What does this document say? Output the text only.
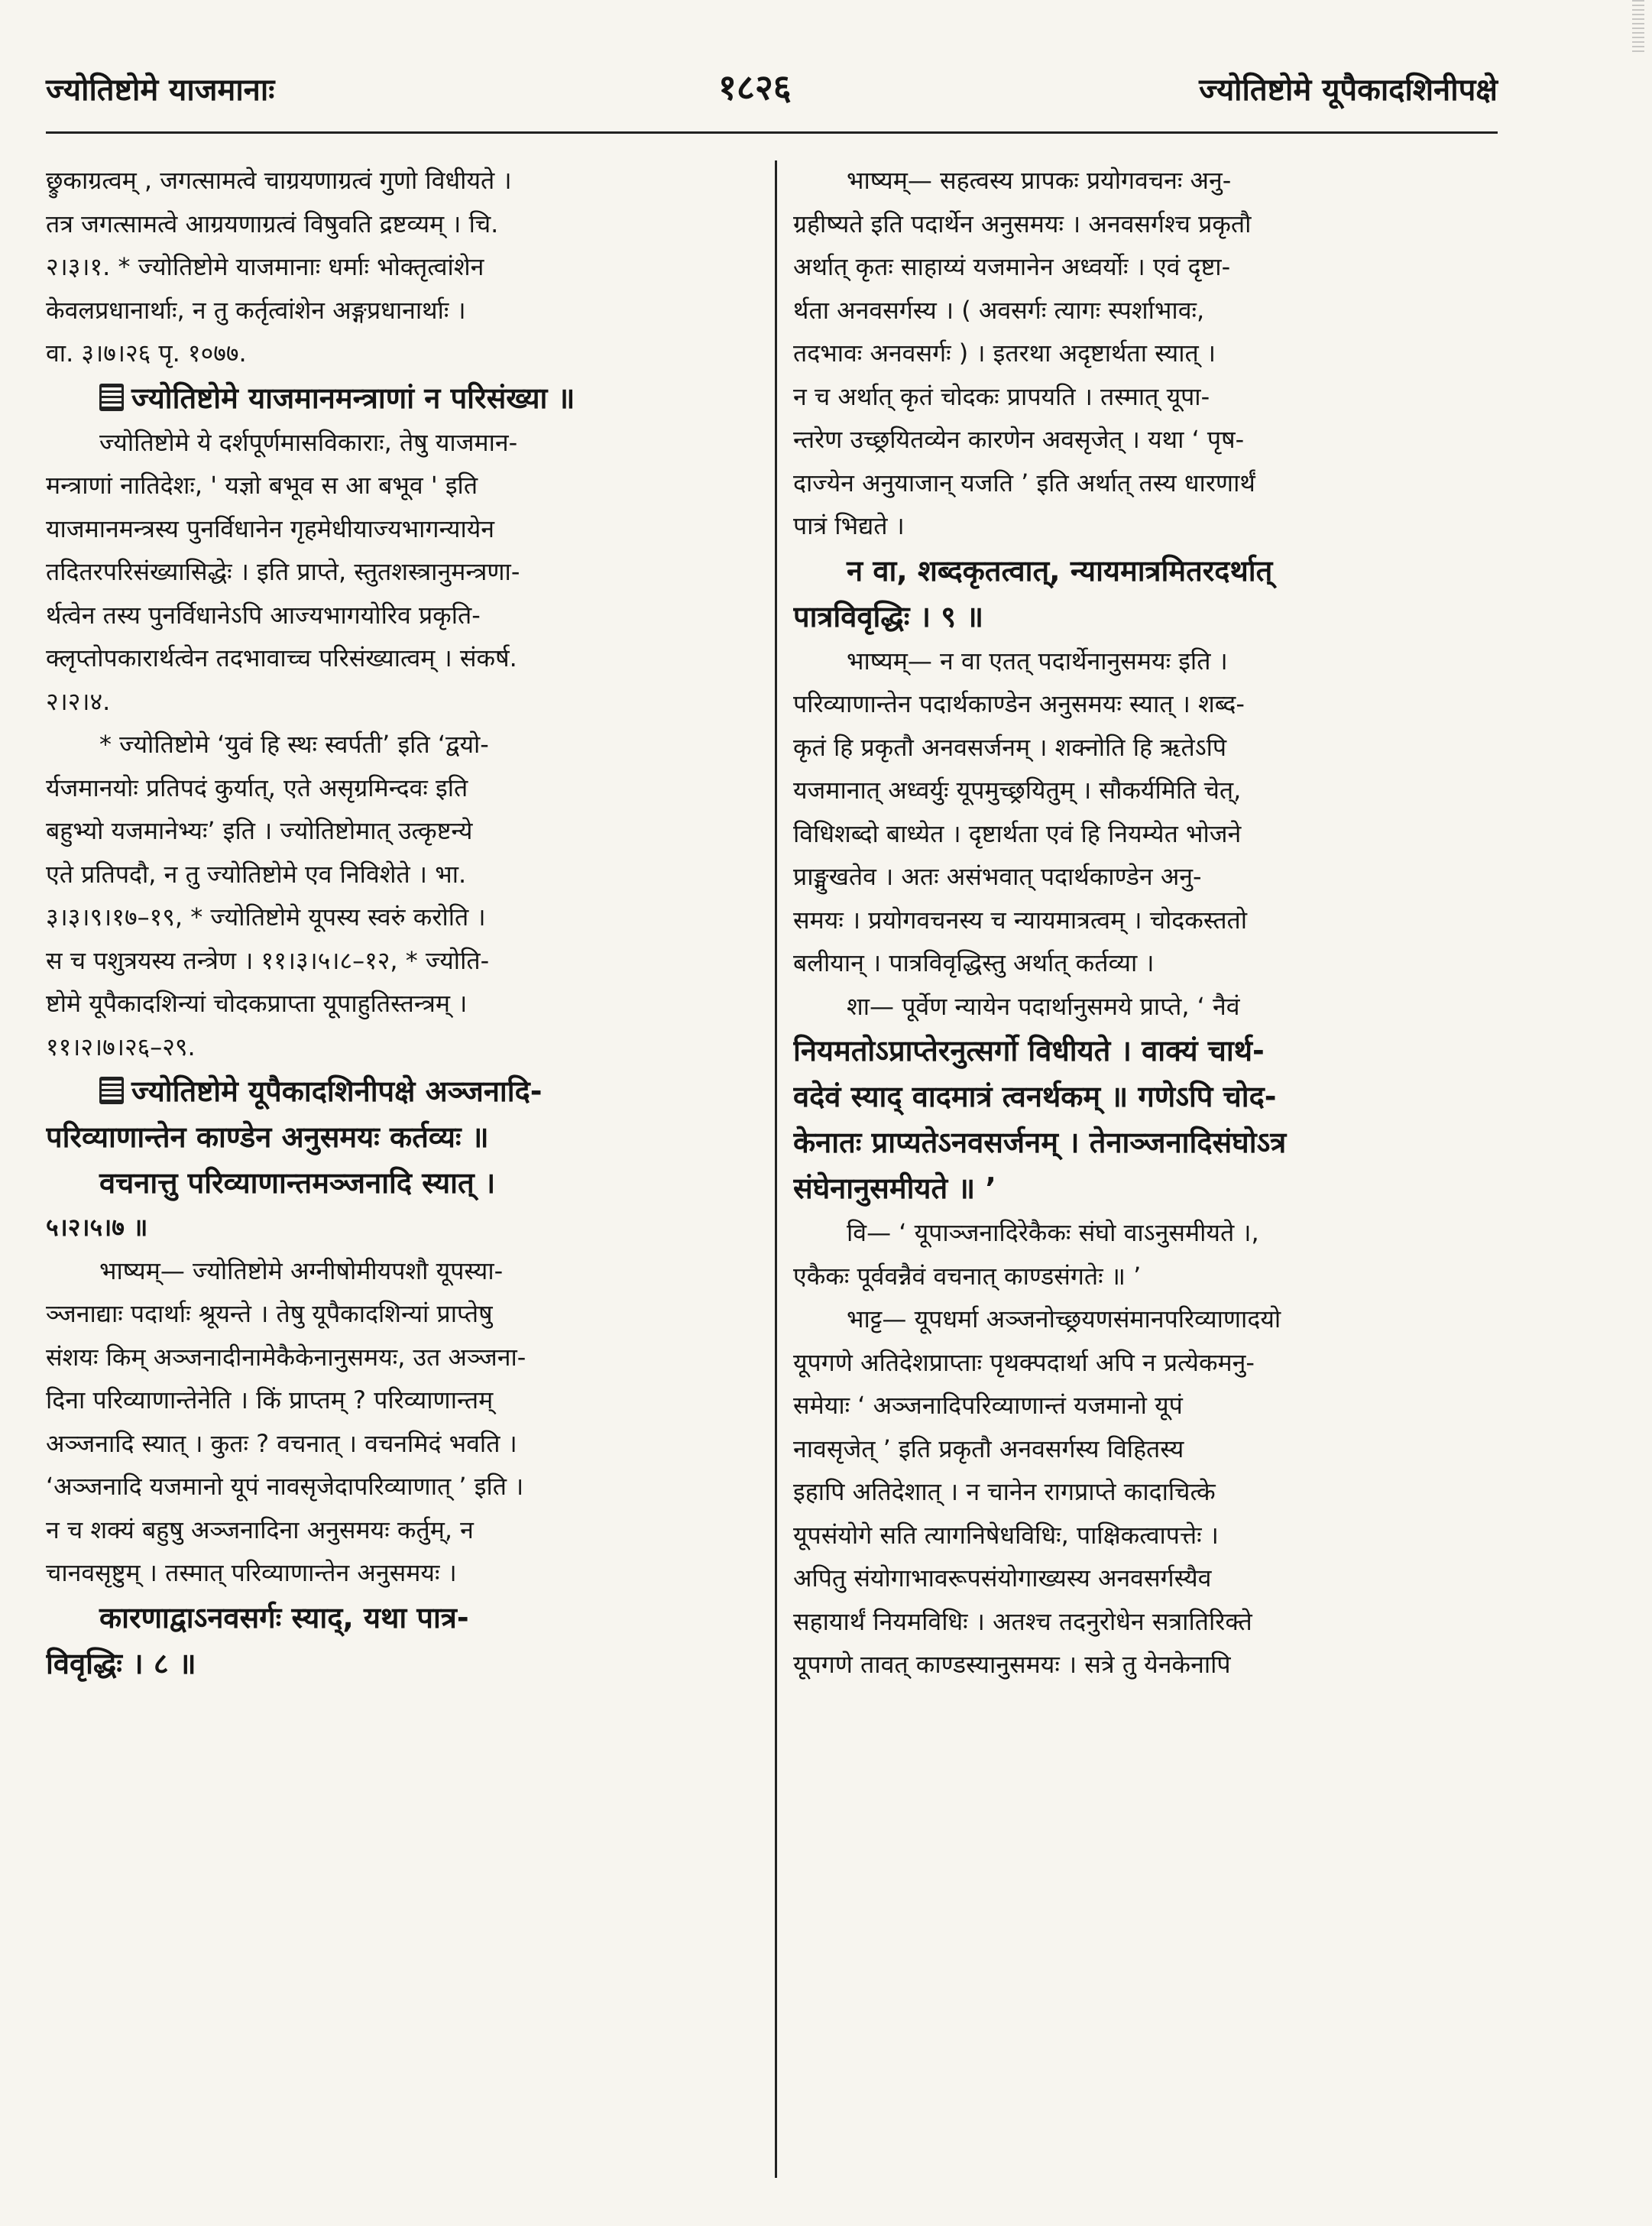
ज्योतिष्टोमे याजमानाः	१८२६	ज्योतिष्टोमे यूपैकादशिनीपक्षे
छ्रुकाग्रत्वम् , जगत्सामत्वे चाग्रयणाग्रत्वं गुणो विधीयते ।
तत्र जगत्सामत्वे आग्रयणाग्रत्वं विषुवति द्रष्टव्यम् । चि.
२।३।१. * ज्योतिष्टोमे याजमानाः धर्माः भोक्तृत्वांशेन
केवलप्रधानार्थाः, न तु कर्तृत्वांशेन अङ्गप्रधानार्थाः ।
वा. ३।७।२६ पृ. १०७७.
ज्योतिष्टोमे याजमानमन्त्राणां न परिसंख्या ॥
ज्योतिष्टोमे ये दर्शपूर्णमासविकाराः, तेषु याजमान-
मन्त्राणां नातिदेशः, ' यज्ञो बभूव स आ बभूव ' इति
याजमानमन्त्रस्य पुनर्विधानेन गृहमेधीयाज्यभागन्यायेन
तदितरपरिसंख्यासिद्धेः । इति प्राप्ते, स्तुतशस्त्रानुमन्त्रणा-
र्थत्वेन तस्य पुनर्विधानेऽपि आज्यभागयोरिव प्रकृति-
क्लृप्तोपकारार्थत्वेन तदभावाच्च परिसंख्यात्वम् । संकर्ष.
२।२।४.
* ज्योतिष्टोमे ‘युवं हि स्थः स्वर्पती’ इति ‘द्वयो-
र्यजमानयोः प्रतिपदं कुर्यात्, एते असृग्रमिन्दवः इति
बहुभ्यो यजमानेभ्यः’ इति । ज्योतिष्टोमात् उत्कृष्टन्ये
एते प्रतिपदौ, न तु ज्योतिष्टोमे एव निविशेते । भा.
३।३।९।१७–१९, * ज्योतिष्टोमे यूपस्य स्वरुं करोति ।
स च पशुत्रयस्य तन्त्रेण । ११।३।५।८–१२, * ज्योति-
ष्टोमे यूपैकादशिन्यां चोदकप्राप्ता यूपाहुतिस्तन्त्रम् ।
११।२।७।२६–२९.
ज्योतिष्टोमे यूपैकादशिनीपक्षे अञ्जनादि-
परिव्याणान्तेन काण्डेन अनुसमयः कर्तव्यः ॥
वचनात्तु परिव्याणान्तमञ्जनादि स्यात् ।
५।२।५।७ ॥
भाष्यम्— ज्योतिष्टोमे अग्नीषोमीयपशौ यूपस्या-
ञ्जनाद्याः पदार्थाः श्रूयन्ते । तेषु यूपैकादशिन्यां प्राप्तेषु
संशयः किम् अञ्जनादीनामेकैकेनानुसमयः, उत अञ्जना-
दिना परिव्याणान्तेनेति । किं प्राप्तम् ? परिव्याणान्तम्
अञ्जनादि स्यात् । कुतः ? वचनात् । वचनमिदं भवति ।
‘अञ्जनादि यजमानो यूपं नावसृजेदापरिव्याणात् ’ इति ।
न च शक्यं बहुषु अञ्जनादिना अनुसमयः कर्तुम्, न
चानवसृष्टुम् । तस्मात् परिव्याणान्तेन अनुसमयः ।
कारणाद्वाऽनवसर्गः स्याद्, यथा पात्र-
विवृद्धिः । ८ ॥
भाष्यम्— सहत्वस्य प्रापकः प्रयोगवचनः अनु-
ग्रहीष्यते इति पदार्थेन अनुसमयः । अनवसर्गश्च प्रकृतौ
अर्थात् कृतः साहाय्यं यजमानेन अध्वर्योः । एवं दृष्टा-
र्थता अनवसर्गस्य । ( अवसर्गः त्यागः स्पर्शाभावः,
तदभावः अनवसर्गः ) । इतरथा अदृष्टार्थता स्यात् ।
न च अर्थात् कृतं चोदकः प्रापयति । तस्मात् यूपा-
न्तरेण उच्छ्रयितव्येन कारणेन अवसृजेत् । यथा ‘ पृष-
दाज्येन अनुयाजान् यजति ’ इति अर्थात् तस्य धारणार्थं
पात्रं भिद्यते ।
न वा, शब्दकृतत्वात्, न्यायमात्रमितरदर्थात्
पात्रविवृद्धिः । ९ ॥
भाष्यम्— न वा एतत् पदार्थेनानुसमयः इति ।
परिव्याणान्तेन पदार्थकाण्डेन अनुसमयः स्यात् । शब्द-
कृतं हि प्रकृतौ अनवसर्जनम् । शक्नोति हि ऋतेऽपि
यजमानात् अध्वर्युः यूपमुच्छ्रयितुम् । सौकर्यमिति चेत्,
विधिशब्दो बाध्येत । दृष्टार्थता एवं हि नियम्येत भोजने
प्राङ्मुखतेव । अतः असंभवात् पदार्थकाण्डेन अनु-
समयः । प्रयोगवचनस्य च न्यायमात्रत्वम् । चोदकस्ततो
बलीयान् । पात्रविवृद्धिस्तु अर्थात् कर्तव्या ।
शा— पूर्वेण न्यायेन पदार्थानुसमये प्राप्ते, ‘ नैवं
नियमतोऽप्राप्तेरनुत्सर्गो विधीयते । वाक्यं चार्थ-
वदेवं स्याद् वादमात्रं त्वनर्थकम् ॥ गणेऽपि चोद-
केनातः प्राप्यतेऽनवसर्जनम् । तेनाञ्जनादिसंघोऽत्र
संघेनानुसमीयते ॥ ’
वि— ‘ यूपाञ्जनादिरेकैकः संघो वाऽनुसमीयते ।,
एकैकः पूर्ववन्नैवं वचनात् काण्डसंगतेः ॥ ’
भाट्ट— यूपधर्मा अञ्जनोच्छ्रयणसंमानपरिव्याणादयो
यूपगणे अतिदेशप्राप्ताः पृथक्पदार्था अपि न प्रत्येकमनु-
समेयाः ‘ अञ्जनादिपरिव्याणान्तं यजमानो यूपं
नावसृजेत् ’ इति प्रकृतौ अनवसर्गस्य विहितस्य
इहापि अतिदेशात् । न चानेन रागप्राप्ते कादाचित्के
यूपसंयोगे सति त्यागनिषेधविधिः, पाक्षिकत्वापत्तेः ।
अपितु संयोगाभावरूपसंयोगाख्यस्य अनवसर्गस्यैव
सहायार्थं नियमविधिः । अतश्च तदनुरोधेन सत्रातिरिक्ते
यूपगणे तावत् काण्डस्यानुसमयः । सत्रे तु येनकेनापि
